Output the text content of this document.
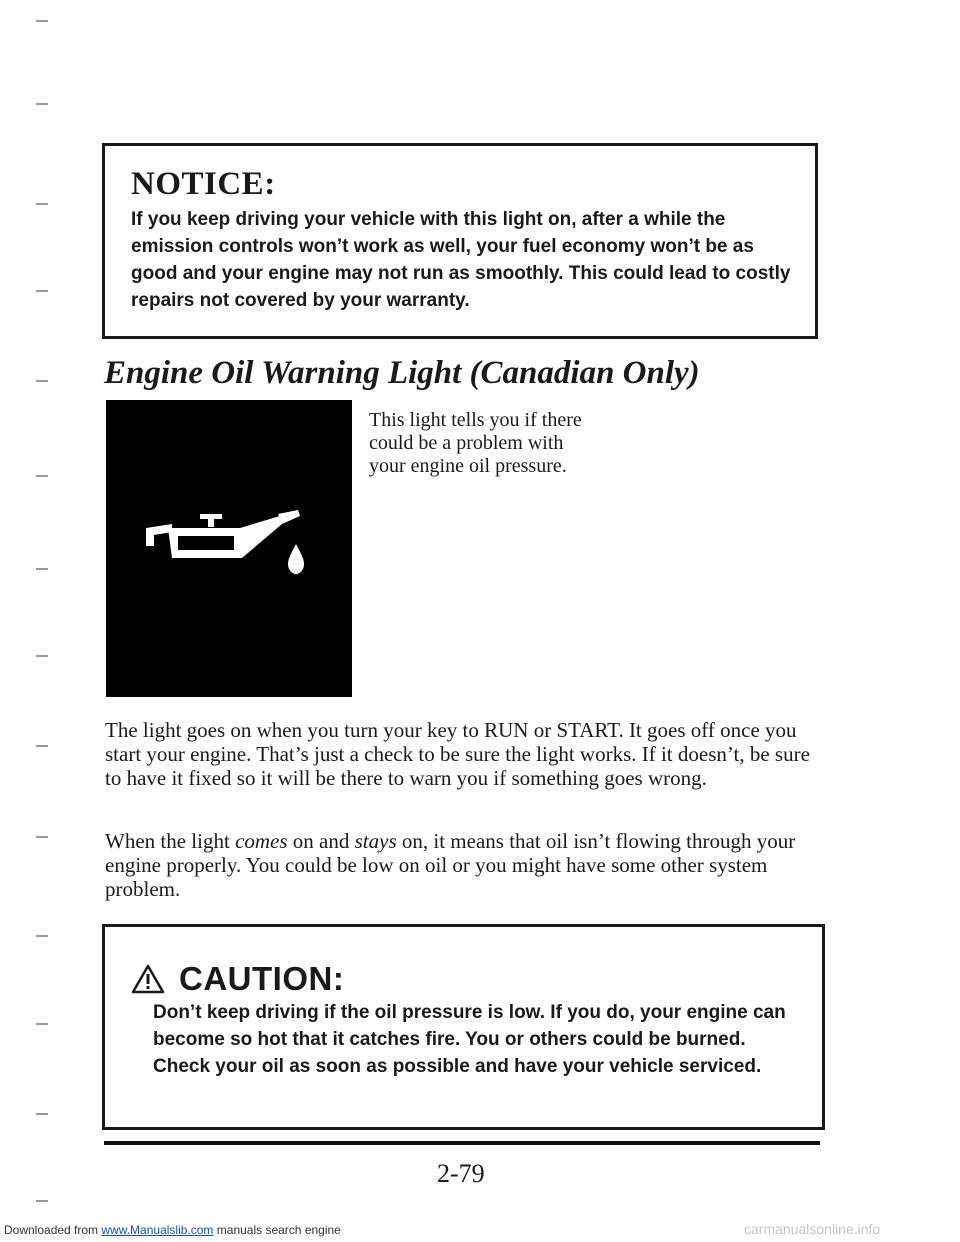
NOTICE:
If you keep driving your vehicle with this light on, after a while the emission controls won’t work as well, your fuel economy won’t be as good and your engine may not run as smoothly. This could lead to costly repairs not covered by your warranty.
Engine Oil Warning Light (Canadian Only)
This light tells you if there could be a problem with your engine oil pressure.
The light goes on when you turn your key to RUN or START. It goes off once you start your engine. That’s just a check to be sure the light works. If it doesn’t, be sure to have it fixed so it will be there to warn you if something goes wrong.
When the light comes on and stays on, it means that oil isn’t flowing through your engine properly. You could be low on oil or you might have some other system problem.
CAUTION:
Don’t keep driving if the oil pressure is low. If you do, your engine can become so hot that it catches fire. You or others could be burned. Check your oil as soon as possible and have your vehicle serviced.
2-79
Downloaded from www.Manualslib.com manuals search engine	carmanualsonline.info
